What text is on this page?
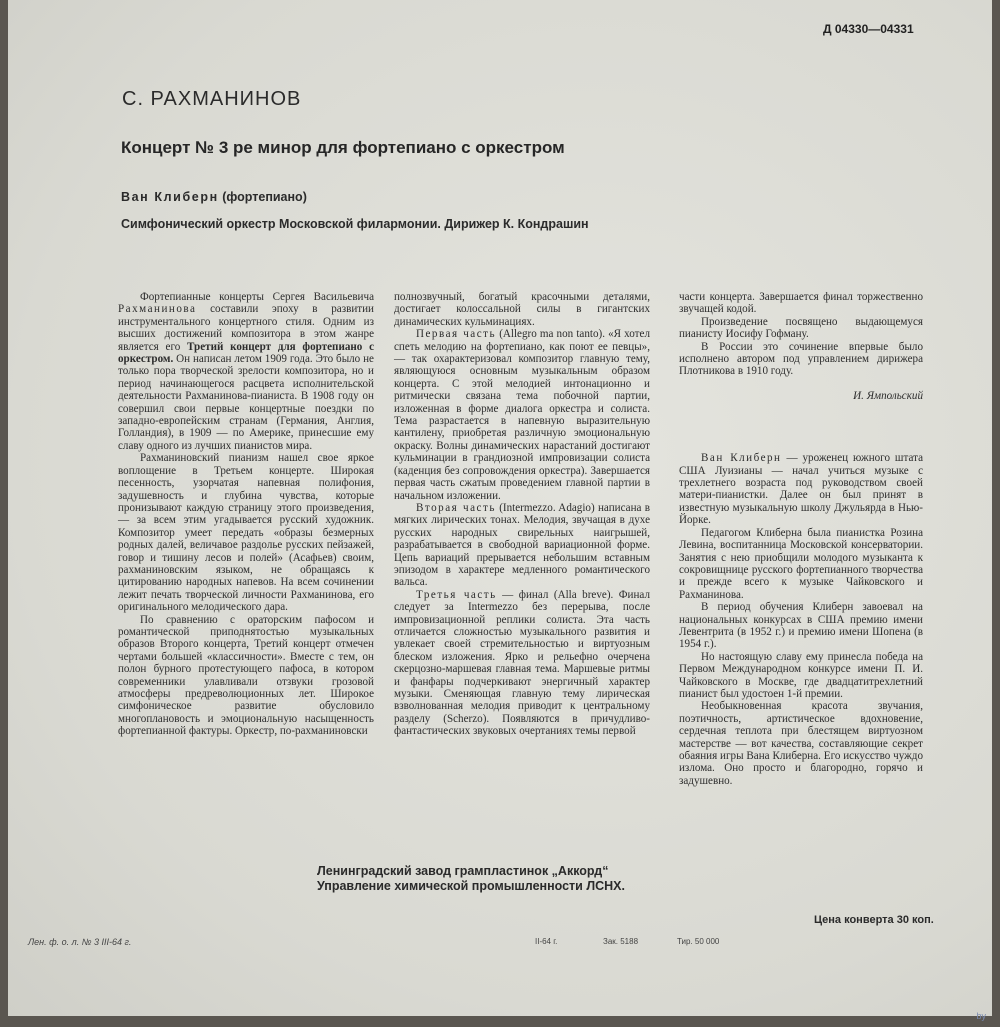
Д 04330—04331
С. РАХМАНИНОВ
Концерт № 3 ре минор для фортепиано с оркестром
Ван Клиберн (фортепиано)
Симфонический оркестр Московской филармонии. Дирижер К. Кондрашин

Фортепианные концерты Сергея Васильевича Рахманинова составили эпоху в развитии инструментального концертного стиля. Одним из высших достижений композитора в этом жанре является его Третий концерт для фортепиано с оркестром. Он написан летом 1909 года. Это было не только пора творческой зрелости композитора, но и период начинающегося расцвета исполнительской деятельности Рахманинова-пианиста. В 1908 году он совершил свои первые концертные поездки по западно-европейским странам (Германия, Англия, Голландия), в 1909 — по Америке, принесшие ему славу одного из лучших пианистов мира.

Рахманиновский пианизм нашел свое яркое воплощение в Третьем концерте. Широкая песенность, узорчатая напевная полифония, задушевность и глубина чувства, которые пронизывают каждую страницу этого произведения, — за всем этим угадывается русский художник. Композитор умеет передать «образы безмерных родных далей, величавое раздолье русских пейзажей, говор и тишину лесов и полей» (Асафьев) своим, рахманиновским языком, не обращаясь к цитированию народных напевов. На всем сочинении лежит печать творческой личности Рахманинова, его оригинального мелодического дара.

По сравнению с ораторским пафосом и романтической приподнятостью музыкальных образов Второго концерта, Третий концерт отмечен чертами большей «классичности». Вместе с тем, он полон бурного протестующего пафоса, в котором современники улавливали отзвуки грозовой атмосферы предреволюционных лет. Широкое симфоническое развитие обусловило многоплановость и эмоциональную насыщенность фортепианной фактуры. Оркестр, по-рахманиновски

полнозвучный, богатый красочными деталями, достигает колоссальной силы в гигантских динамических кульминациях.

Первая часть (Allegro ma non tanto). «Я хотел спеть мелодию на фортепиано, как поют ее певцы», — так охарактеризовал композитор главную тему, являющуюся основным музыкальным образом концерта. С этой мелодией интонационно и ритмически связана тема побочной партии, изложенная в форме диалога оркестра и солиста. Тема разрастается в напевную выразительную кантилену, приобретая различную эмоциональную окраску. Волны динамических нарастаний достигают кульминации в грандиозной импровизации солиста (каденция без сопровождения оркестра). Завершается первая часть сжатым проведением главной партии в начальном изложении.

Вторая часть (Intermezzo. Adagio) написана в мягких лирических тонах. Мелодия, звучащая в духе русских народных свирельных наигрышей, разрабатывается в свободной вариационной форме. Цепь вариаций прерывается небольшим вставным эпизодом в характере медленного романтического вальса.

Третья часть — финал (Alla breve). Финал следует за Intermezzo без перерыва, после импровизационной реплики солиста. Эта часть отличается сложностью музыкального развития и увлекает своей стремительностью и виртуозным блеском изложения. Ярко и рельефно очерчена скерцозно-маршевая главная тема. Маршевые ритмы и фанфары подчеркивают энергичный характер музыки. Сменяющая главную тему лирическая взволнованная мелодия приводит к центральному разделу (Scherzo). Появляются в причудливо-фантастических звуковых очертаниях темы первой

части концерта. Завершается финал торжественно звучащей кодой.

Произведение посвящено выдающемуся пианисту Иосифу Гофману.

В России это сочинение впервые было исполнено автором под управлением дирижера Плотникова в 1910 году.

И. Ямпольский

Ван Клиберн — уроженец южного штата США Луизианы — начал учиться музыке с трехлетнего возраста под руководством своей матери-пианистки. Далее он был принят в известную музыкальную школу Джульярда в Нью-Йорке.

Педагогом Клиберна была пианистка Розина Левина, воспитанница Московской консерватории. Занятия с нею приобщили молодого музыканта к сокровищнице русского фортепианного творчества и прежде всего к музыке Чайковского и Рахманинова.

В период обучения Клиберн завоевал на национальных конкурсах в США премию имени Левентрита (в 1952 г.) и премию имени Шопена (в 1954 г.).

Но настоящую славу ему принесла победа на Первом Международном конкурсе имени П. И. Чайковского в Москве, где двадцатитрехлетний пианист был удостоен 1-й премии.

Необыкновенная красота звучания, поэтичность, артистическое вдохновение, сердечная теплота при блестящем виртуозном мастерстве — вот качества, составляющие секрет обаяния игры Вана Клиберна. Его искусство чуждо излома. Оно просто и благородно, горячо и задушевно.

Ленинградский завод грампластинок „Аккорд“
Управление химической промышленности ЛСНХ.
Цена конверта 30 коп.
Лен. ф. о. л. № 3 III-64 г.	II-64 г.	Зак. 5188	Тир. 50 000
by
